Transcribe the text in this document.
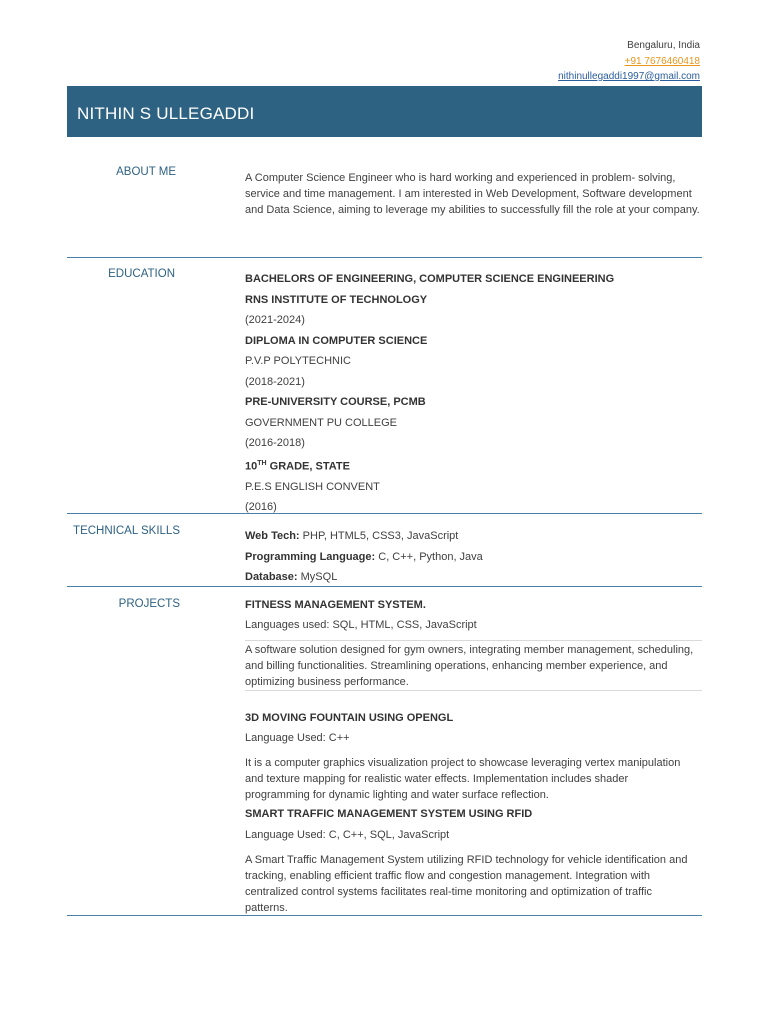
Bengaluru, India
+91 7676460418
nithinullegaddi1997@gmail.com
NITHIN S ULLEGADDI
ABOUT ME	A Computer Science Engineer who is hard working and experienced in problem- solving, service and time management. I am interested in Web Development, Software development and Data Science, aiming to leverage my abilities to successfully fill the role at your company.
EDUCATION	BACHELORS OF ENGINEERING, COMPUTER SCIENCE ENGINEERING
RNS INSTITUTE OF TECHNOLOGY
(2021-2024)
DIPLOMA IN COMPUTER SCIENCE
P.V.P POLYTECHNIC
(2018-2021)
PRE-UNIVERSITY COURSE, PCMB
GOVERNMENT PU COLLEGE
(2016-2018)
10TH GRADE, STATE
P.E.S ENGLISH CONVENT
(2016)
TECHNICAL SKILLS	Web Tech: PHP, HTML5, CSS3, JavaScript
Programming Language: C, C++, Python, Java
Database: MySQL
PROJECTS	FITNESS MANAGEMENT SYSTEM.
Languages used: SQL, HTML, CSS, JavaScript
A software solution designed for gym owners, integrating member management, scheduling, and billing functionalities. Streamlining operations, enhancing member experience, and optimizing business performance.
3D MOVING FOUNTAIN USING OPENGL
Language Used: C++
It is a computer graphics visualization project to showcase leveraging vertex manipulation and texture mapping for realistic water effects. Implementation includes shader programming for dynamic lighting and water surface reflection.
SMART TRAFFIC MANAGEMENT SYSTEM USING RFID
Language Used: C, C++, SQL, JavaScript
A Smart Traffic Management System utilizing RFID technology for vehicle identification and tracking, enabling efficient traffic flow and congestion management. Integration with centralized control systems facilitates real-time monitoring and optimization of traffic patterns.
